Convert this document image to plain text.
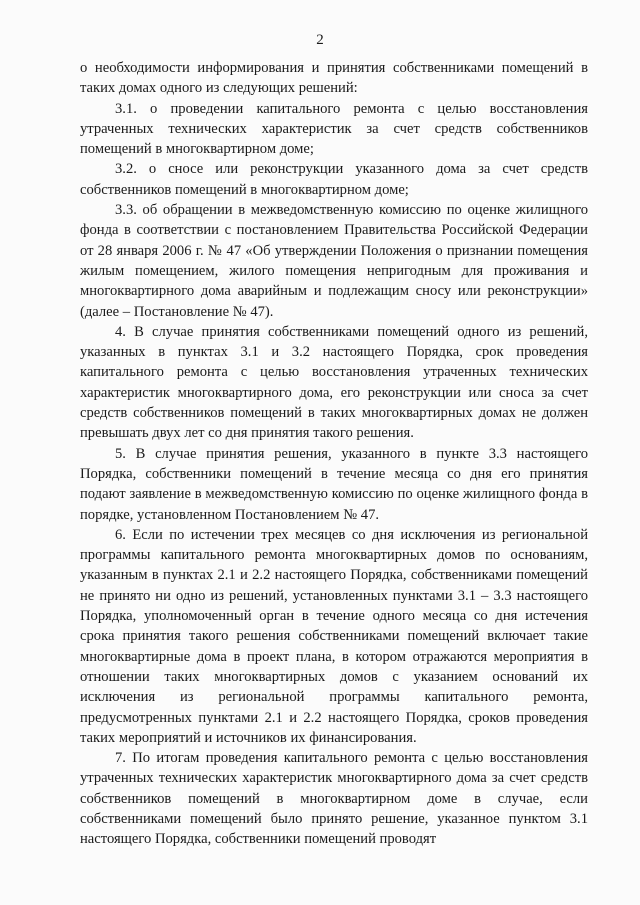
2

о необходимости информирования и принятия собственниками помещений в таких домах одного из следующих решений:

3.1. о проведении капитального ремонта с целью восстановления утраченных технических характеристик за счет средств собственников помещений в многоквартирном доме;

3.2. о сносе или реконструкции указанного дома за счет средств собственников помещений в многоквартирном доме;

3.3. об обращении в межведомственную комиссию по оценке жилищного фонда в соответствии с постановлением Правительства Российской Федерации от 28 января 2006 г. № 47 «Об утверждении Положения о признании помещения жилым помещением, жилого помещения непригодным для проживания и многоквартирного дома аварийным и подлежащим сносу или реконструкции» (далее – Постановление № 47).

4. В случае принятия собственниками помещений одного из решений, указанных в пунктах 3.1 и 3.2 настоящего Порядка, срок проведения капитального ремонта с целью восстановления утраченных технических характеристик многоквартирного дома, его реконструкции или сноса за счет средств собственников помещений в таких многоквартирных домах не должен превышать двух лет со дня принятия такого решения.

5. В случае принятия решения, указанного в пункте 3.3 настоящего Порядка, собственники помещений в течение месяца со дня его принятия подают заявление в межведомственную комиссию по оценке жилищного фонда в порядке, установленном Постановлением № 47.

6. Если по истечении трех месяцев со дня исключения из региональной программы капитального ремонта многоквартирных домов по основаниям, указанным в пунктах 2.1 и 2.2 настоящего Порядка, собственниками помещений не принято ни одно из решений, установленных пунктами 3.1 – 3.3 настоящего Порядка, уполномоченный орган в течение одного месяца со дня истечения срока принятия такого решения собственниками помещений включает такие многоквартирные дома в проект плана, в котором отражаются мероприятия в отношении таких многоквартирных домов с указанием оснований их исключения из региональной программы капитального ремонта, предусмотренных пунктами 2.1 и 2.2 настоящего Порядка, сроков проведения таких мероприятий и источников их финансирования.

7. По итогам проведения капитального ремонта с целью восстановления утраченных технических характеристик многоквартирного дома за счет средств собственников помещений в многоквартирном доме в случае, если собственниками помещений было принято решение, указанное пунктом 3.1 настоящего Порядка, собственники помещений проводят
